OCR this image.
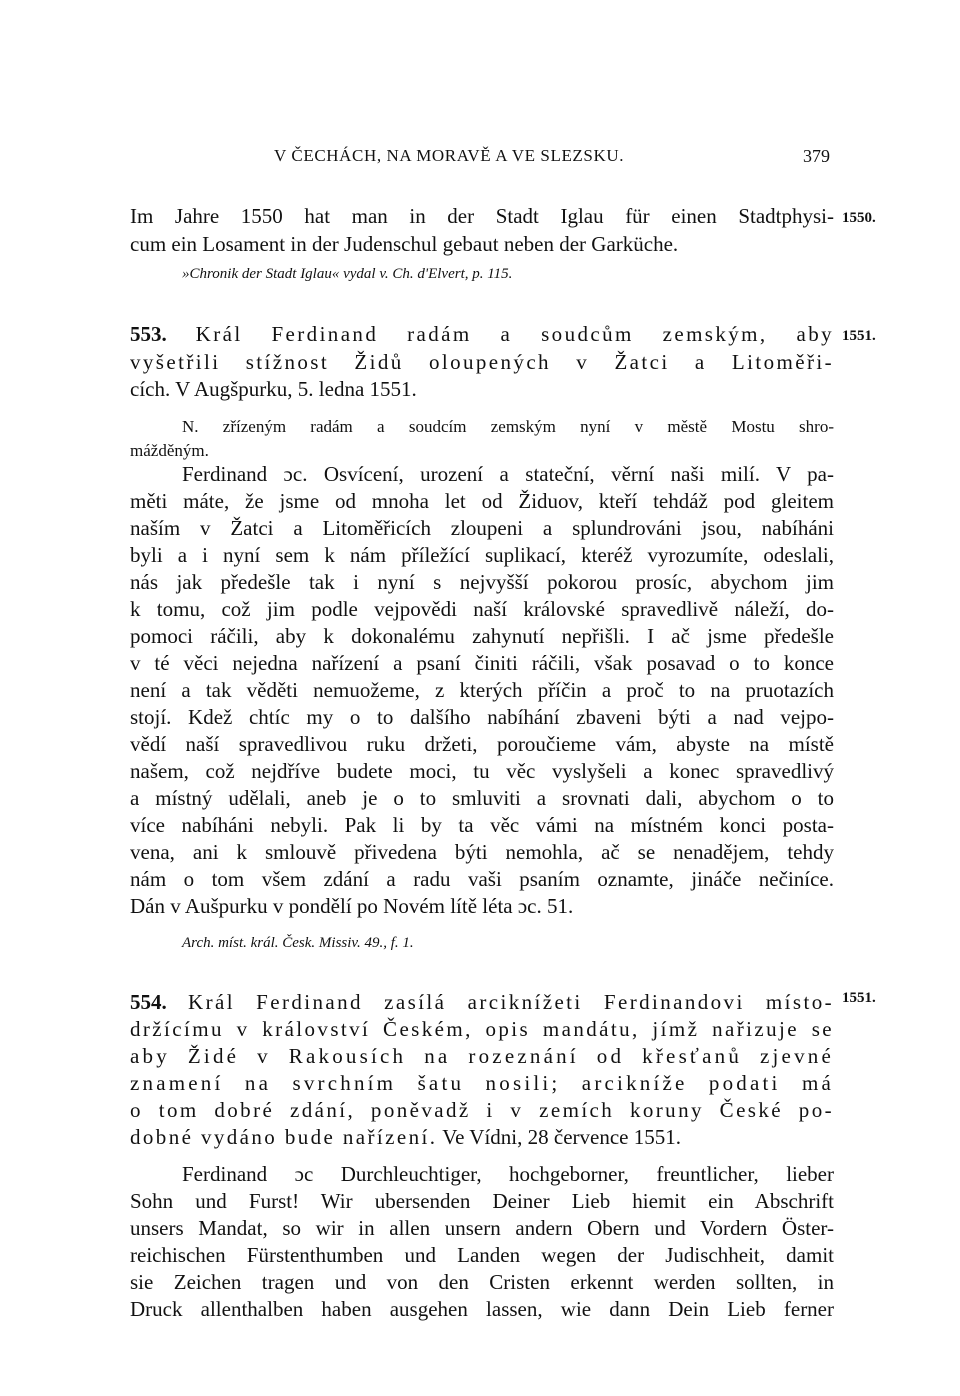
V ČECHÁCH, NA MORAVĚ A VE SLEZSKU.	379
Im Jahre 1550 hat man in der Stadt Iglau für einen Stadtphysi- 1550.
cum ein Losament in der Judenschul gebaut neben der Garküche.
»Chronik der Stadt Iglau« vydal v. Ch. d'Elvert, p. 115.
553. Král Ferdinand radám a soudcům zemským, aby 1551.
vyšetřili stížnost Židů oloupených v Žatci a Litoměři-
cích. V Augšpurku, 5. ledna 1551.
N. zřízeným radám a soudcím zemským nyní v městě Mostu shro-
mážděným.
Ferdinand ɔc. Osvícení, urození a stateční, věrní naši milí. V pa-
měti máte, že jsme od mnoha let od Židuov, kteří tehdáž pod gleitem
naším v Žatci a Litoměřicích zloupeni a splundrováni jsou, nabíháni
byli a i nyní sem k nám příležící suplikací, kteréž vyrozumíte, odeslali,
nás jak předešle tak i nyní s nejvyšší pokorou prosíc, abychom jim
k tomu, což jim podle vejpovědi naší královské spravedlivě náleží, do-
pomoci ráčili, aby k dokonalému zahynutí nepřišli. I ač jsme předešle
v té věci nejedna nařízení a psaní činiti ráčili, však posavad o to konce
není a tak věděti nemuožeme, z kterých příčin a proč to na pruotazích
stojí. Kdež chtíc my o to dalšího nabíhání zbaveni býti a nad vejpo-
vědí naší spravedlivou ruku držeti, poroučieme vám, abyste na místě
našem, což nejdříve budete moci, tu věc vyslyšeli a konec spravedlivý
a místný udělali, aneb je o to smluviti a srovnati dali, abychom o to
více nabíháni nebyli. Pak li by ta věc vámi na místném konci posta-
vena, ani k smlouvě přivedena býti nemohla, ač se nenadějem, tehdy
nám o tom všem zdání a radu vaši psaním oznamte, jináče nečiníce.
Dán v Aušpurku v pondělí po Novém lítě léta ɔc. 51.
Arch. míst. král. Česk. Missiv. 49., f. 1.
554. Král Ferdinand zasílá arciknížeti Ferdinandovi místo- 1551.
držícímu v království Českém, opis mandátu, jímž nařizuje se
aby Židé v Rakousích na rozeznání od křesťanů zjevné
znamení na svrchním šatu nosili; arciknížе podati má
o tom dobré zdání, poněvadž i v zemích koruny České po-
dobné vydáno bude nařízení. Ve Vídni, 28 července 1551.
Ferdinand ɔc Durchleuchtiger, hochgeborner, freuntlicher, lieber
Sohn und Furst! Wir ubersenden Deiner Lieb hiemit ein Abschrift
unsers Mandat, so wir in allen unsern andern Obern und Vordern Öster-
reichischen Fürstenthumben und Landen wegen der Judischheit, damit
sie Zeichen tragen und von den Cristen erkennt werden sollten, in
Druck allenthalben haben ausgehen lassen, wie dann Dein Lieb ferner
